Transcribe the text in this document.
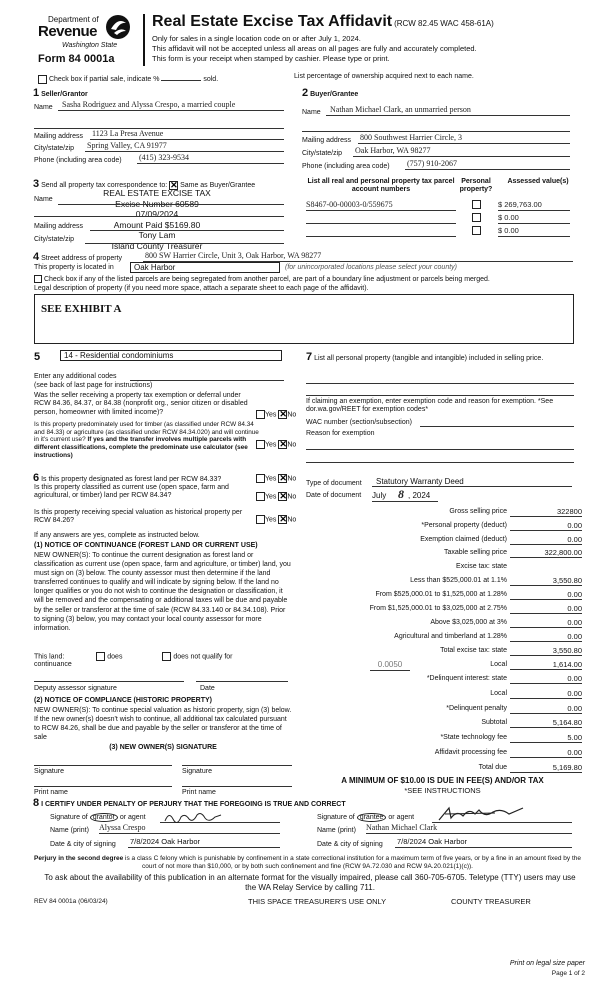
Department of
Revenue
Washington State
Form 84 0001a
Real Estate Excise Tax Affidavit (RCW 82.45 WAC 458-61A)
Only for sales in a single location code on or after July 1, 2024.
This affidavit will not be accepted unless all areas on all pages are fully and accurately completed.
This form is your receipt when stamped by cashier. Please type or print.
Check box if partial sale, indicate %	sold.	List percentage of ownership acquired next to each name.
1 Seller/Grantor
Name	Sasha Rodriguez and Alyssa Crespo, a married couple
Mailing address 1123 La Presa Avenue
City/state/zip Spring Valley, CA 91977
Phone (including area code) (415) 323-9534
2 Buyer/Grantee
Name	Nathan Michael Clark, an unmarried person
Mailing address 800 Southwest Harrier Circle, 3
City/state/zip Oak Harbor, WA 98277
Phone (including area code) (757) 910-2067
3 Send all property tax correspondence to: ✕ Same as Buyer/Grantee
REAL ESTATE EXCISE TAX
Excise Number 60589
07/09/2024
Amount Paid $5169.80
Tony Lam
Island County Treasurer
Name
Mailing address
City/state/zip
List all real and personal property tax parcel account numbers
Personal property?
Assessed value(s)
S8467-00-00003-0/559675	$ 269,763.00
$ 0.00
$ 0.00
4 Street address of property	800 SW Harrier Circle, Unit 3, Oak Harbor, WA 98277
This property is located in	Oak Harbor	(for unincorporated locations please select your county)
Check box if any of the listed parcels are being segregated from another parcel, are part of a boundary line adjustment or parcels being merged.
Legal description of property (if you need more space, attach a separate sheet to each page of the affidavit).
SEE EXHIBIT A
5	14 - Residential condominiums
Enter any additional codes
(see back of last page for instructions)
Was the seller receiving a property tax exemption or deferral under RCW 84.36, 84.37, or 84.38 (nonprofit org., senior citizen or disabled person, homeowner with limited income)?	Yes ✕ No
Is this property predominately used for timber (as classified under RCW 84.34 and 84.33) or agriculture (as classified under RCW 84.34.020) and will continue in it's current use? If yes and the transfer involves multiple parcels with different classifications, complete the predominate use calculator (see instructions)
Yes ✕ No
7 List all personal property (tangible and intangible) included in selling price.
If claiming an exemption, enter exemption code and reason for exemption. *See dor.wa.gov/REET for exemption codes*
WAC number (section/subsection)
Reason for exemption
Type of document	Statutory Warranty Deed
Date of document July 8 , 2024
6 Is this property designated as forest land per RCW 84.33?	Yes ✕ No
Is this property classified as current use (open space, farm and agricultural, or timber) land per RCW 84.34?	Yes ✕ No
Is this property receiving special valuation as historical property per RCW 84.26?	Yes ✕ No
If any answers are yes, complete as instructed below.
(1) NOTICE OF CONTINUANCE (FOREST LAND OR CURRENT USE)
NEW OWNER(S): To continue the current designation as forest land or classification as current use (open space, farm and agriculture, or timber) land, you must sign on (3) below. The county assessor must then determine if the land transferred continues to qualify and will indicate by signing below. If the land no longer qualifies or you do not wish to continue the designation or classification, it will be removed and the compensating or additional taxes will be due and payable by the seller or transferor at the time of sale (RCW 84.33.140 or 84.34.108). Prior to signing (3) below, you may contact your local county assessor for more information.
This land:	does	does not qualify for
continuance
Deputy assessor signature	Date
(2) NOTICE OF COMPLIANCE (HISTORIC PROPERTY)
NEW OWNER(S): To continue special valuation as historic property, sign (3) below. If the new owner(s) doesn't wish to continue, all additional tax calculated pursuant to RCW 84.26, shall be due and payable by the seller or transferor at the time of sale
(3) NEW OWNER(S) SIGNATURE
Signature	Signature
Print name	Print name
Gross selling price	322800
*Personal property (deduct)	0.00
Exemption claimed (deduct)	0.00
Taxable selling price	322,800.00
Excise tax: state
Less than $525,000.01 at 1.1%	3,550.80
From $525,000.01 to $1,525,000 at 1.28%	0.00
From $1,525,000.01 to $3,025,000 at 2.75%	0.00
Above $3,025,000 at 3%	0.00
Agricultural and timberland at 1.28%	0.00
Total excise tax: state	3,550.80
0.0050	Local	1,614.00
*Delinquent interest: state	0.00
Local	0.00
*Delinquent penalty	0.00
Subtotal	5,164.80
*State technology fee	5.00
Affidavit processing fee	0.00
Total due	5,169.80
A MINIMUM OF $10.00 IS DUE IN FEE(S) AND/OR TAX
*SEE INSTRUCTIONS
8 I CERTIFY UNDER PENALTY OF PERJURY THAT THE FOREGOING IS TRUE AND CORRECT
Signature of grantor or agent
Name (print) Alyssa Crespo
Date & city of signing 7/8/2024 Oak Harbor
Signature of grantee or agent
Name (print) Nathan Michael Clark
Date & city of signing 7/8/2024 Oak Harbor
Perjury in the second degree is a class C felony which is punishable by confinement in a state correctional institution for a maximum term of five years, or by a fine in an amount fixed by the court of not more than $10,000, or by both such confinement and fine (RCW 9A.72.030 and RCW 9A.20.021(1)(c)).
To ask about the availability of this publication in an alternate format for the visually impaired, please call 360-705-6705. Teletype (TTY) users may use the WA Relay Service by calling 711.
REV 84 0001a (06/03/24)	THIS SPACE TREASURER'S USE ONLY	COUNTY TREASURER
Print on legal size paper
Page 1 of 2
